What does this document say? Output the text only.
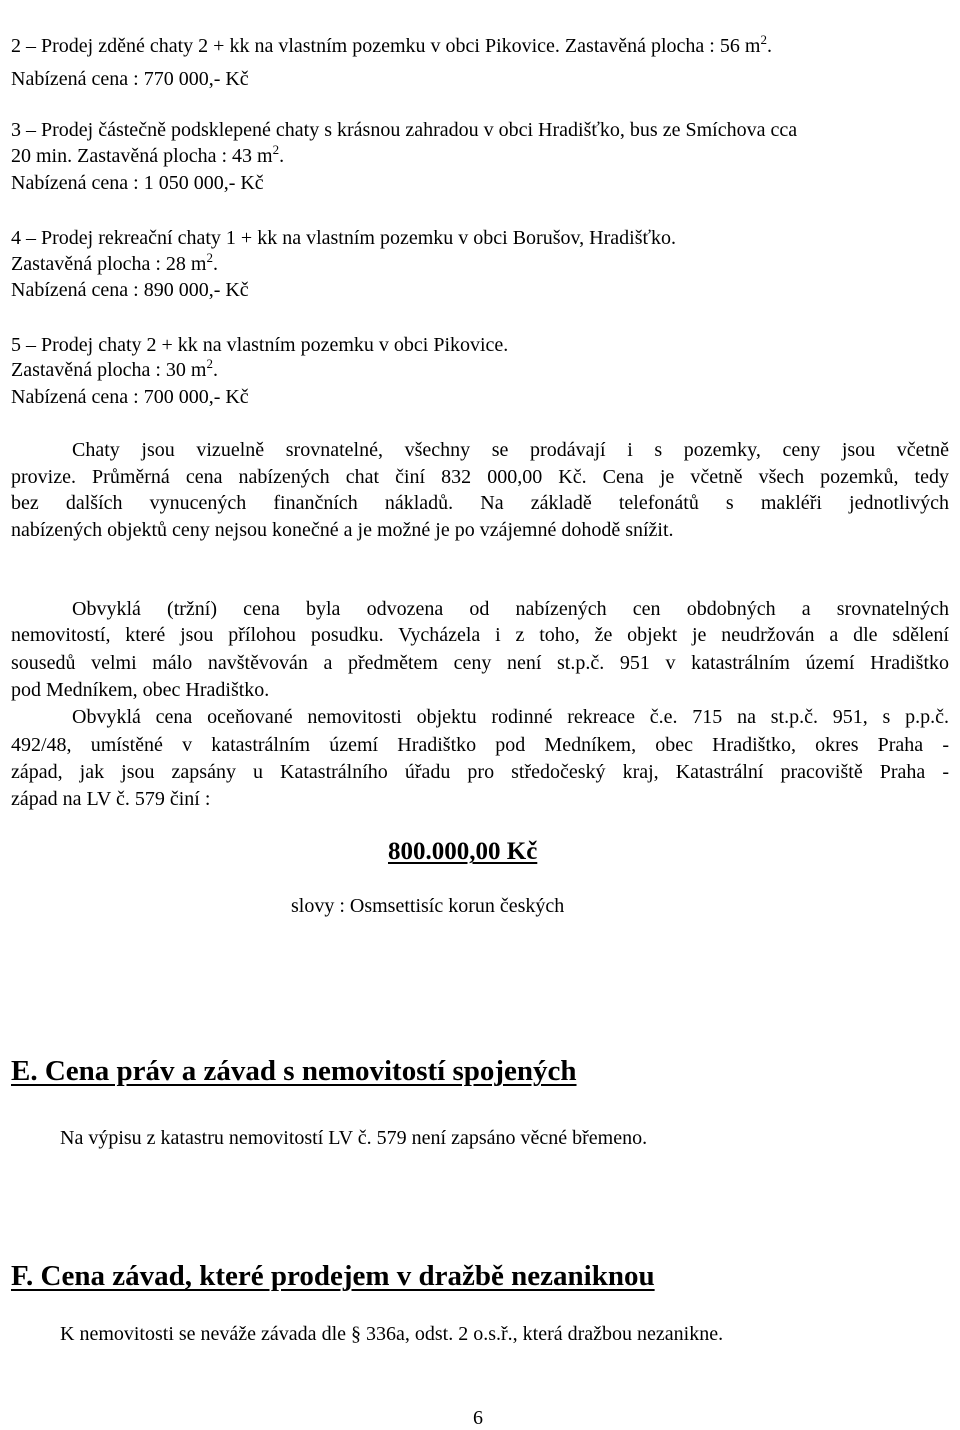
2 – Prodej zděné chaty 2 + kk na vlastním pozemku v obci Pikovice. Zastavěná plocha : 56 $m^2$.
Nabízená cena : 770 000,- Kč
3 – Prodej částečně podsklepené chaty s krásnou zahradou v obci Hradišťko, bus ze Smíchova cca
20 min. Zastavěná plocha : 43 $m^2$.
Nabízená cena : 1 050 000,- Kč
4 – Prodej rekreační chaty 1 + kk na vlastním pozemku v obci Borušov, Hradišťko.
Zastavěná plocha : 28 $m^2$.
Nabízená cena : 890 000,- Kč
5 – Prodej chaty 2 + kk na vlastním pozemku v obci Pikovice.
Zastavěná plocha : 30 $m^2$.
Nabízená cena : 700 000,- Kč
Chaty jsou vizuelně srovnatelné, všechny se prodávají i s pozemky, ceny jsou včetně
provize. Průměrná cena nabízených chat činí 832 000,00 Kč. Cena je včetně všech pozemků, tedy
bez dalších vynucených finančních nákladů. Na základě telefonátů s makléři jednotlivých
nabízených objektů ceny nejsou konečné a je možné je po vzájemné dohodě snížit.
Obvyklá (tržní) cena byla odvozena od nabízených cen obdobných a srovnatelných
nemovitostí, které jsou přílohou posudku. Vycházela i z toho, že objekt je neudržován a dle sdělení
sousedů velmi málo navštěvován a předmětem ceny není st.p.č. 951 v katastrálním území Hradištko
pod Medníkem, obec Hradištko.
Obvyklá cena oceňované nemovitosti objektu rodinné rekreace č.e. 715 na st.p.č. 951, s p.p.č.
492/48, umístěné v katastrálním území Hradištko pod Medníkem, obec Hradištko, okres Praha -
západ, jak jsou zapsány u Katastrálního úřadu pro středočeský kraj, Katastrální pracoviště Praha -
západ na LV č. 579 činí :
800.000,00 Kč
slovy : Osmsettisíc korun českých
E. Cena práv a závad s nemovitostí spojených
Na výpisu z katastru nemovitostí LV č. 579 není zapsáno věcné břemeno.
F. Cena závad, které prodejem v dražbě nezaniknou
K nemovitosti se neváže závada dle § 336a, odst. 2 o.s.ř., která dražbou nezanikne.
6
